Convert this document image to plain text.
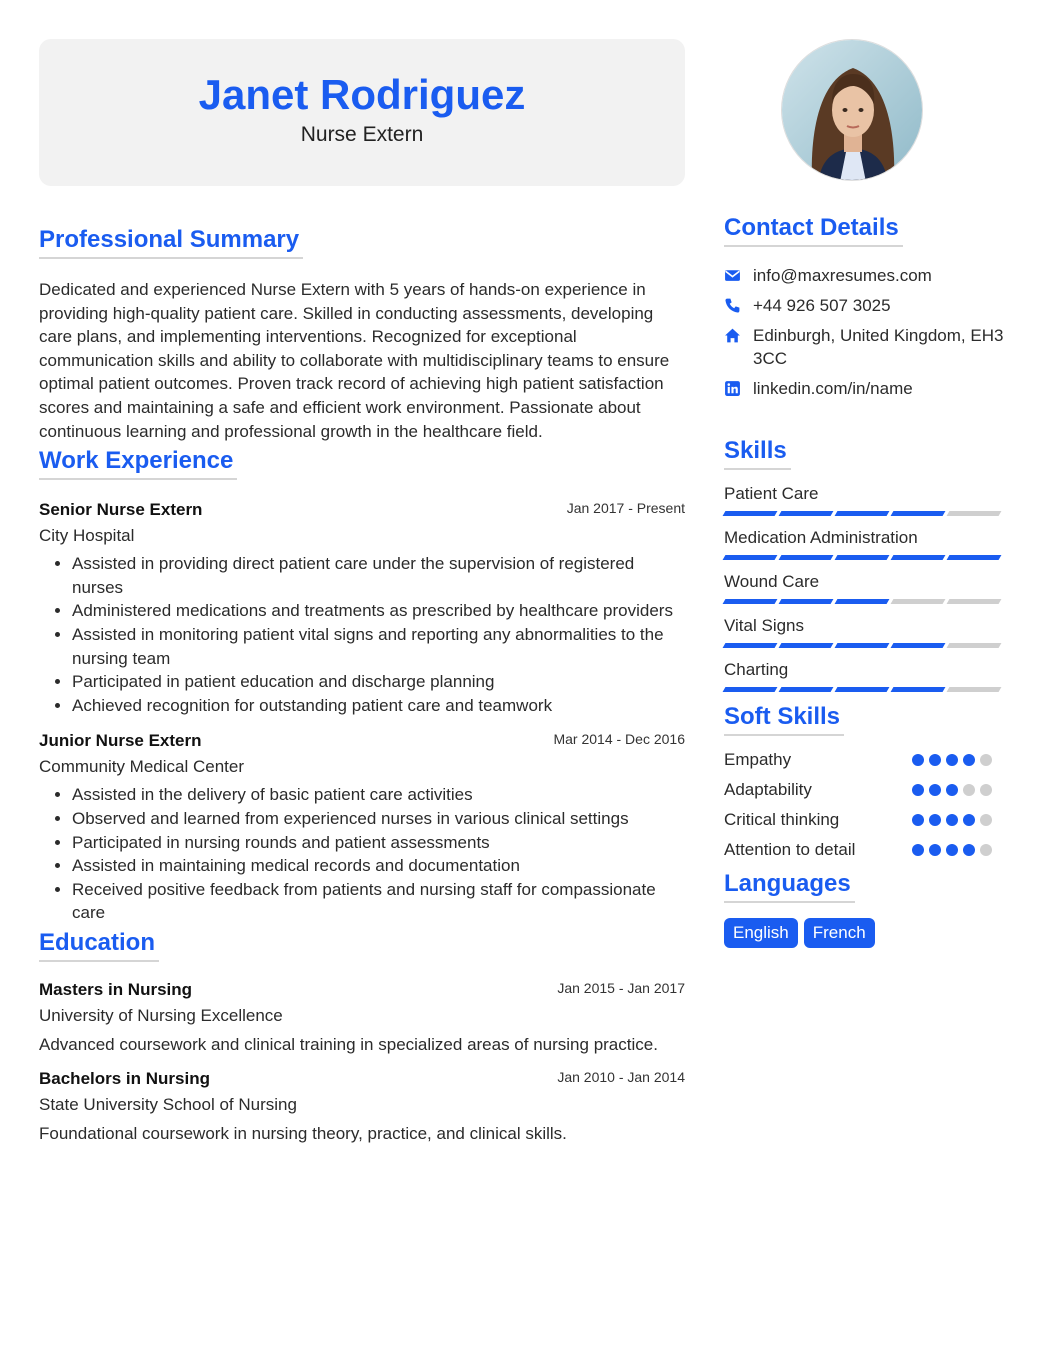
Janet Rodriguez
Nurse Extern
Professional Summary
Dedicated and experienced Nurse Extern with 5 years of hands-on experience in providing high-quality patient care. Skilled in conducting assessments, developing care plans, and implementing interventions. Recognized for exceptional communication skills and ability to collaborate with multidisciplinary teams to ensure optimal patient outcomes. Proven track record of achieving high patient satisfaction scores and maintaining a safe and efficient work environment. Passionate about continuous learning and professional growth in the healthcare field.
Work Experience
Senior Nurse Extern	Jan 2017 - Present
City Hospital
• Assisted in providing direct patient care under the supervision of registered nurses
• Administered medications and treatments as prescribed by healthcare providers
• Assisted in monitoring patient vital signs and reporting any abnormalities to the nursing team
• Participated in patient education and discharge planning
• Achieved recognition for outstanding patient care and teamwork
Junior Nurse Extern	Mar 2014 - Dec 2016
Community Medical Center
• Assisted in the delivery of basic patient care activities
• Observed and learned from experienced nurses in various clinical settings
• Participated in nursing rounds and patient assessments
• Assisted in maintaining medical records and documentation
• Received positive feedback from patients and nursing staff for compassionate care
Education
Masters in Nursing	Jan 2015 - Jan 2017
University of Nursing Excellence
Advanced coursework and clinical training in specialized areas of nursing practice.
Bachelors in Nursing	Jan 2010 - Jan 2014
State University School of Nursing
Foundational coursework in nursing theory, practice, and clinical skills.
Contact Details
info@maxresumes.com
+44 926 507 3025
Edinburgh, United Kingdom, EH3 3CC
linkedin.com/in/name
Skills
Patient Care
Medication Administration
Wound Care
Vital Signs
Charting
Soft Skills
Empathy
Adaptability
Critical thinking
Attention to detail
Languages
English	French
